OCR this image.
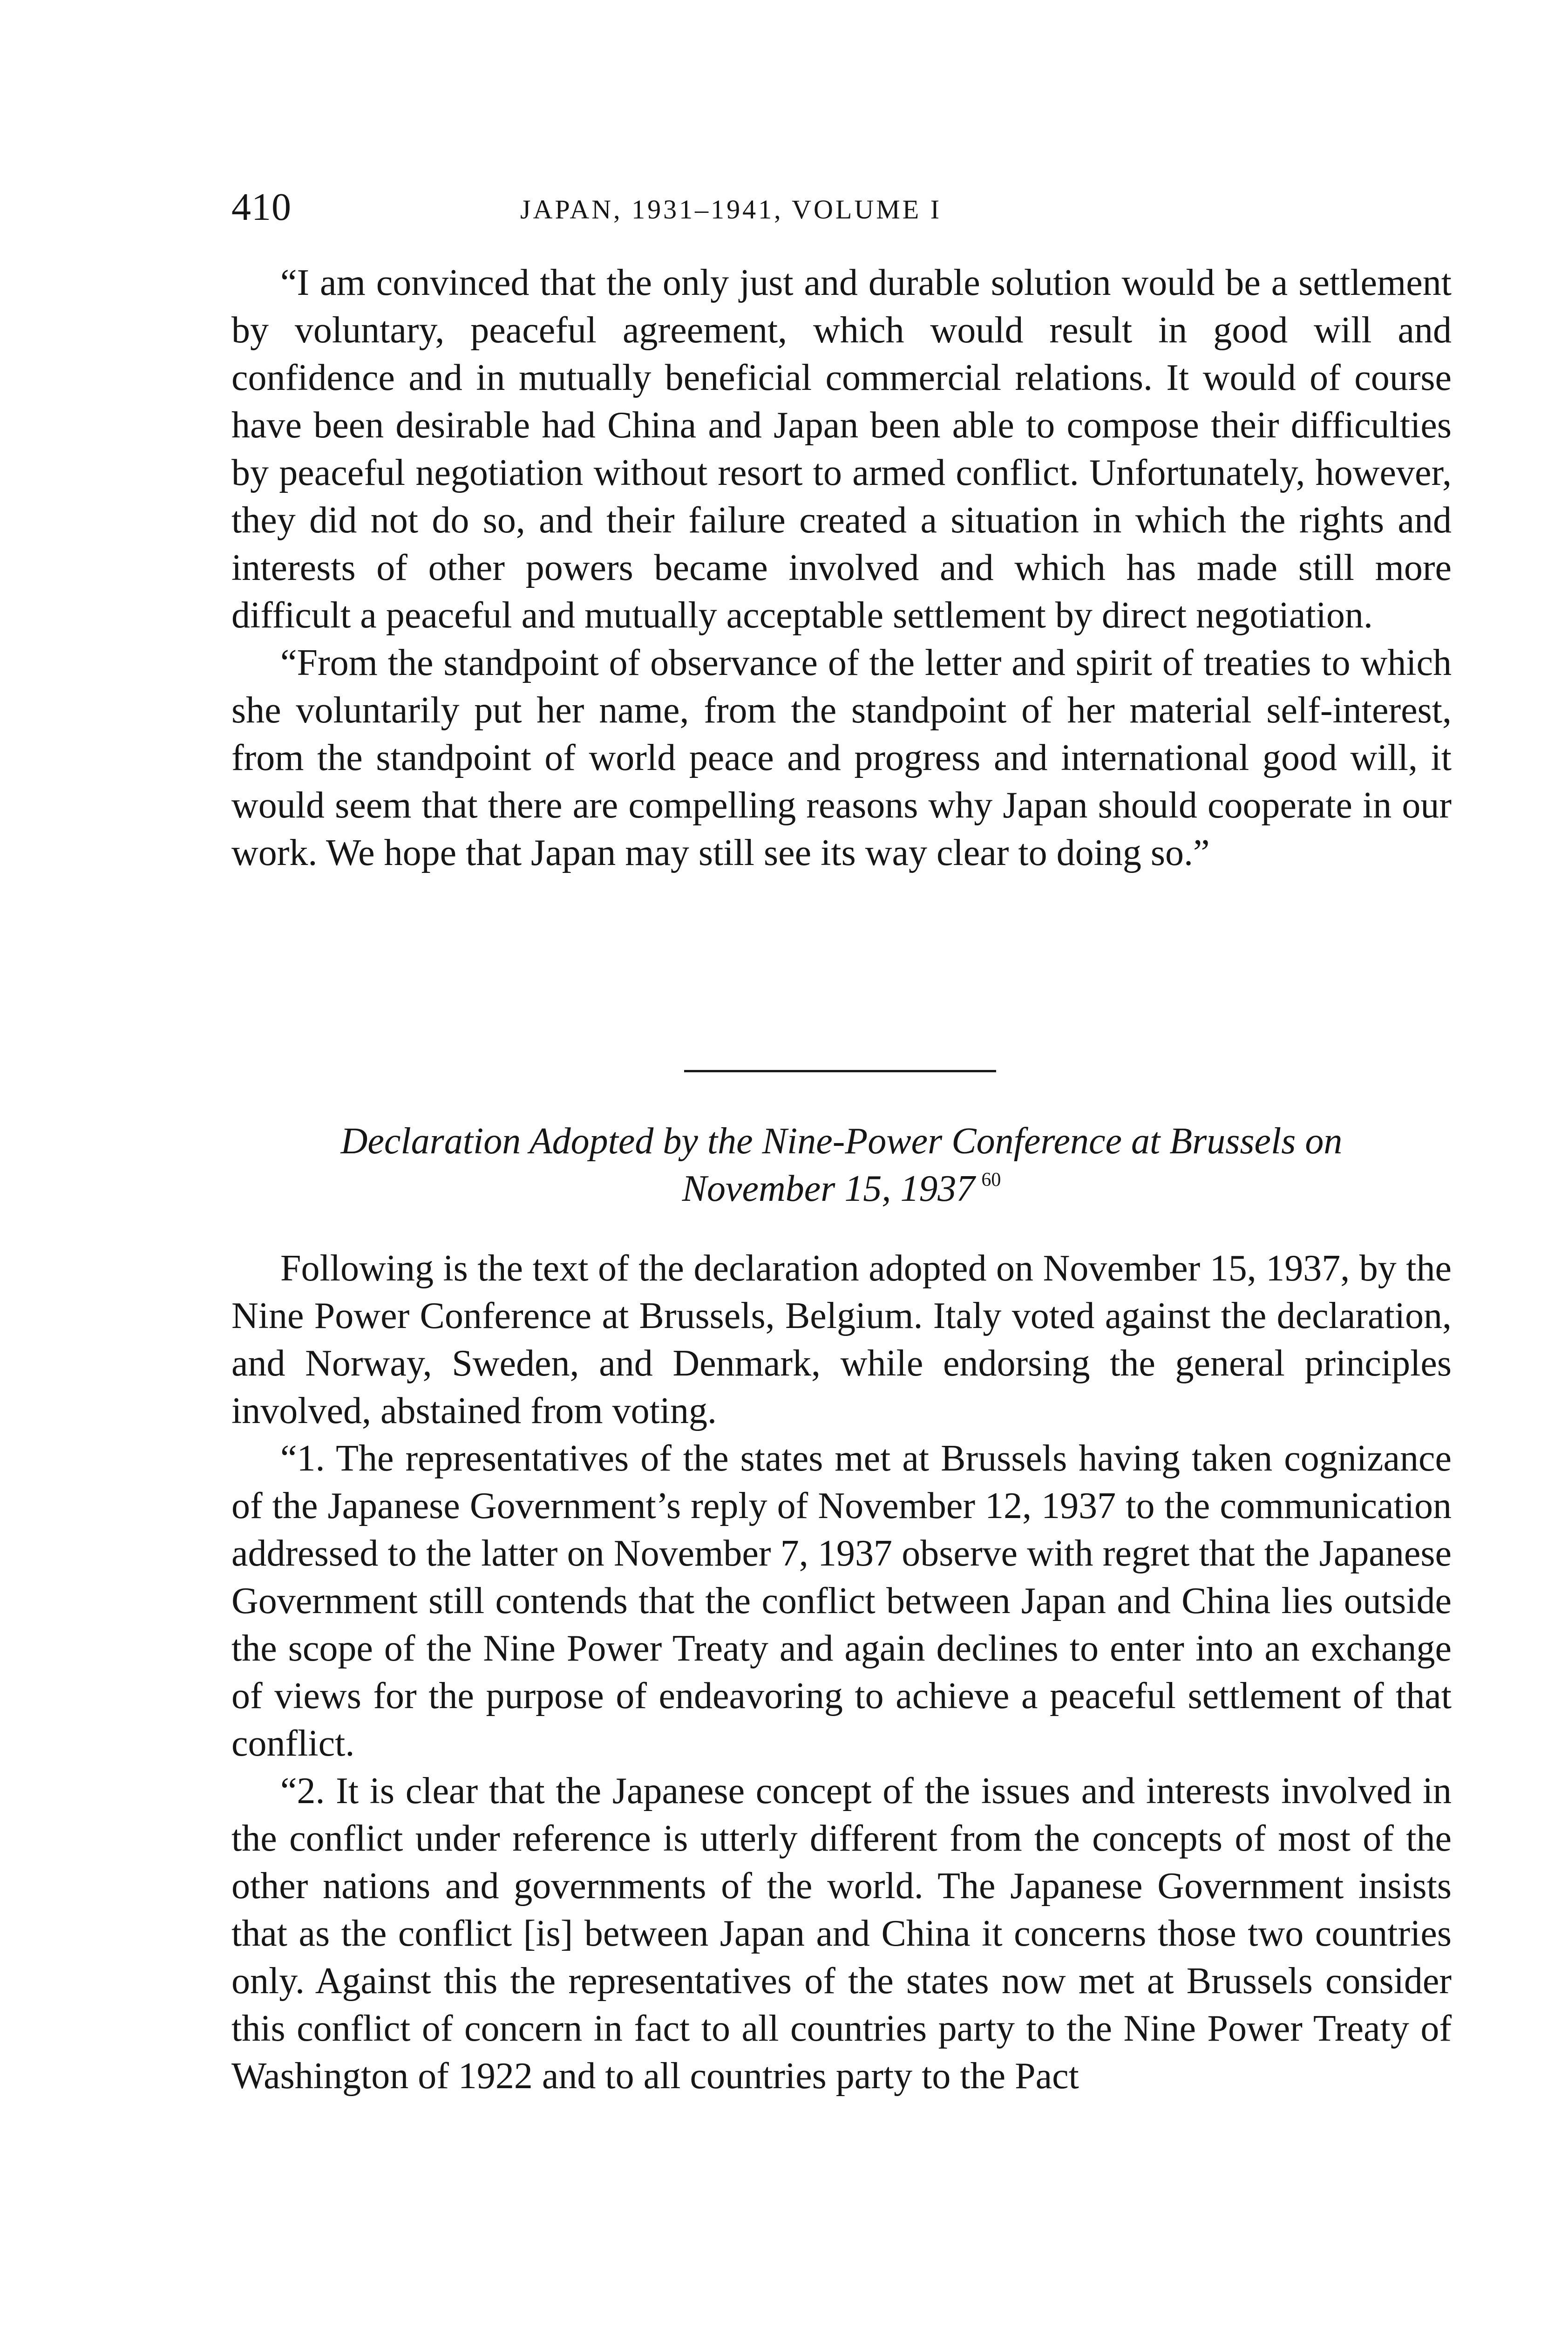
410	JAPAN, 1931–1941, VOLUME I

“I am convinced that the only just and durable solution would be a settlement by voluntary, peaceful agreement, which would result in good will and confidence and in mutually beneficial commercial relations. It would of course have been desirable had China and Japan been able to compose their difficulties by peaceful negotiation without resort to armed conflict. Unfortunately, however, they did not do so, and their failure created a situation in which the rights and interests of other powers became involved and which has made still more difficult a peaceful and mutually acceptable settlement by direct negotiation.

“From the standpoint of observance of the letter and spirit of treaties to which she voluntarily put her name, from the standpoint of her material self-interest, from the standpoint of world peace and progress and international good will, it would seem that there are compelling reasons why Japan should cooperate in our work. We hope that Japan may still see its way clear to doing so.”

Declaration Adopted by the Nine-Power Conference at Brussels on
November 15, 1937 $^{60}$

Following is the text of the declaration adopted on November 15, 1937, by the Nine Power Conference at Brussels, Belgium. Italy voted against the declaration, and Norway, Sweden, and Denmark, while endorsing the general principles involved, abstained from voting.

“1. The representatives of the states met at Brussels having taken cognizance of the Japanese Government’s reply of November 12, 1937 to the communication addressed to the latter on November 7, 1937 observe with regret that the Japanese Government still contends that the conflict between Japan and China lies outside the scope of the Nine Power Treaty and again declines to enter into an exchange of views for the purpose of endeavoring to achieve a peaceful settlement of that conflict.

“2. It is clear that the Japanese concept of the issues and interests involved in the conflict under reference is utterly different from the concepts of most of the other nations and governments of the world. The Japanese Government insists that as the conflict [is] between Japan and China it concerns those two countries only. Against this the representatives of the states now met at Brussels consider this conflict of concern in fact to all countries party to the Nine Power Treaty of Washington of 1922 and to all countries party to the Pact
